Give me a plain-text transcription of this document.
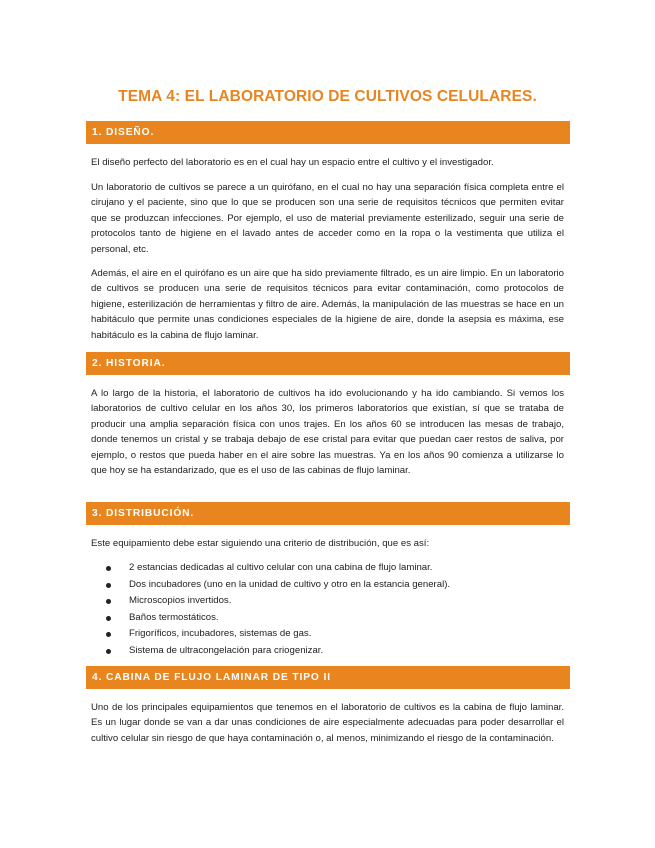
TEMA 4: EL LABORATORIO DE CULTIVOS CELULARES.
1. DISEÑO.

El diseño perfecto del laboratorio es en el cual hay un espacio entre el cultivo y el investigador.

Un laboratorio de cultivos se parece a un quirófano, en el cual no hay una separación física completa entre el cirujano y el paciente, sino que lo que se producen son una serie de requisitos técnicos que permiten evitar que se produzcan infecciones. Por ejemplo, el uso de material previamente esterilizado, seguir una serie de protocolos tanto de higiene en el lavado antes de acceder como en la ropa o la vestimenta que utiliza el personal, etc.

Además, el aire en el quirófano es un aire que ha sido previamente filtrado, es un aire limpio. En un laboratorio de cultivos se producen una serie de requisitos técnicos para evitar contaminación, como protocolos de higiene, esterilización de herramientas y filtro de aire. Además, la manipulación de las muestras se hace en un habitáculo que permite unas condiciones especiales de la higiene de aire, donde la asepsia es máxima, ese habitáculo es la cabina de flujo laminar.

2. HISTORIA.

A lo largo de la historia, el laboratorio de cultivos ha ido evolucionando y ha ido cambiando. Si vemos los laboratorios de cultivo celular en los años 30, los primeros laboratorios que existían, sí que se trataba de producir una amplia separación física con unos trajes. En los años 60 se introducen las mesas de trabajo, donde tenemos un cristal y se trabaja debajo de ese cristal para evitar que puedan caer restos de saliva, por ejemplo, o restos que pueda haber en el aire sobre las muestras. Ya en los años 90 comienza a utilizarse lo que hoy se ha estandarizado, que es el uso de las cabinas de flujo laminar.

3. DISTRIBUCIÓN.

Este equipamiento debe estar siguiendo una criterio de distribución, que es así:

2 estancias dedicadas al cultivo celular con una cabina de flujo laminar.
Dos incubadores (uno en la unidad de cultivo y otro en la estancia general).
Microscopios invertidos.
Baños termostáticos.
Frigoríficos, incubadores, sistemas de gas.
Sistema de ultracongelación para criogenizar.
4. CABINA DE FLUJO LAMINAR DE TIPO II

Uno de los principales equipamientos que tenemos en el laboratorio de cultivos es la cabina de flujo laminar. Es un lugar donde se van a dar unas condiciones de aire especialmente adecuadas para poder desarrollar el cultivo celular sin riesgo de que haya contaminación o, al menos, minimizando el riesgo de la contaminación.
